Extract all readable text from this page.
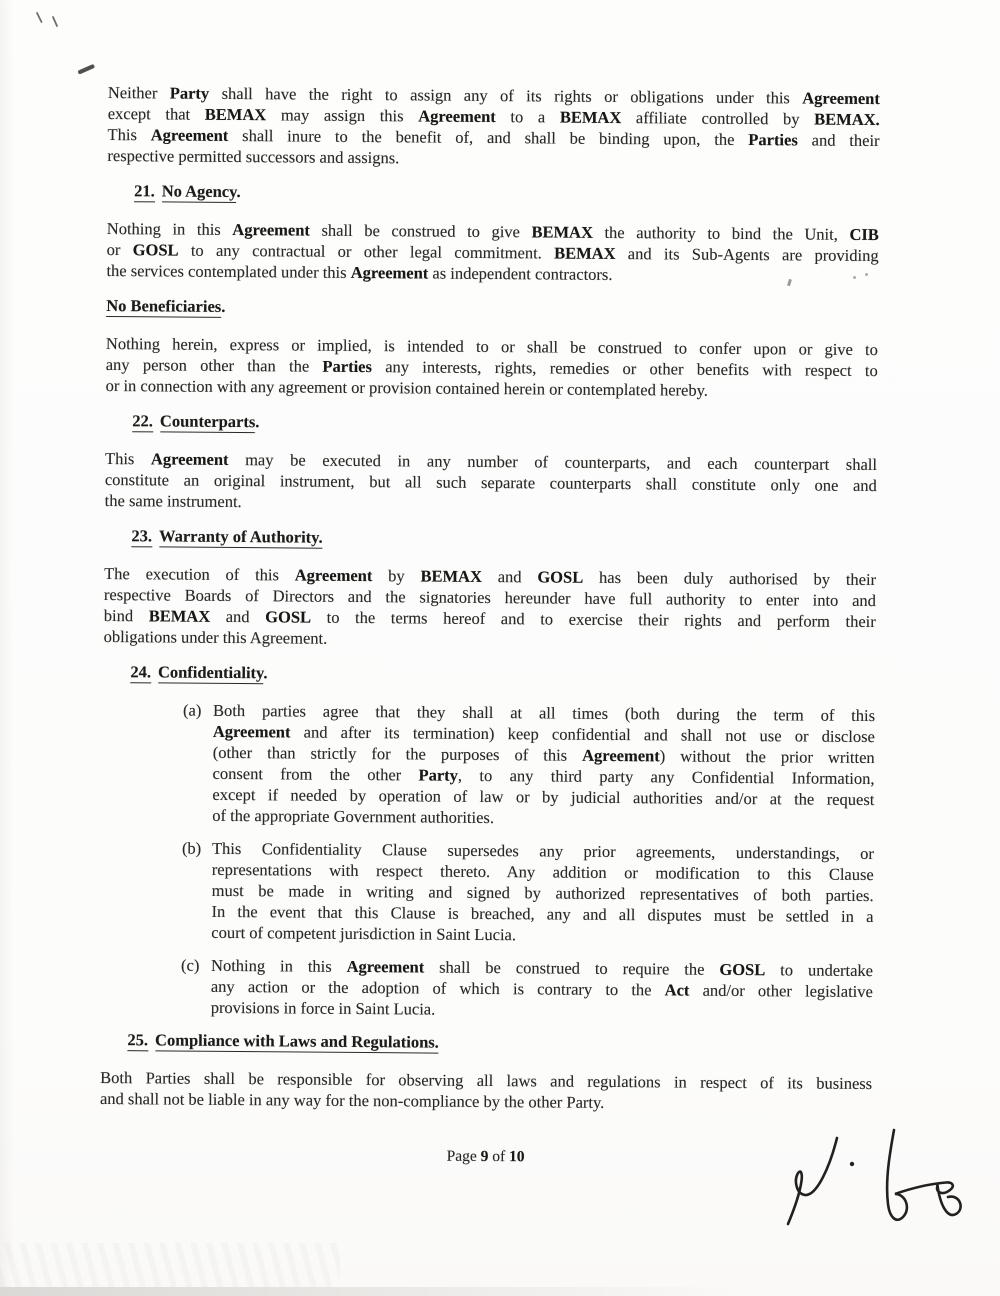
Neither Party shall have the right to assign any of its rights or obligations under this Agreement
except that BEMAX may assign this Agreement to a BEMAX affiliate controlled by BEMAX.
This Agreement shall inure to the benefit of, and shall be binding upon, the Parties and their
respective permitted successors and assigns.
21. No Agency.
Nothing in this Agreement shall be construed to give BEMAX the authority to bind the Unit, CIB
or GOSL to any contractual or other legal commitment. BEMAX and its Sub-Agents are providing
the services contemplated under this Agreement as independent contractors.
No Beneficiaries.
Nothing herein, express or implied, is intended to or shall be construed to confer upon or give to
any person other than the Parties any interests, rights, remedies or other benefits with respect to
or in connection with any agreement or provision contained herein or contemplated hereby.
22. Counterparts.
This Agreement may be executed in any number of counterparts, and each counterpart shall
constitute an original instrument, but all such separate counterparts shall constitute only one and
the same instrument.
23. Warranty of Authority.
The execution of this Agreement by BEMAX and GOSL has been duly authorised by their
respective Boards of Directors and the signatories hereunder have full authority to enter into and
bind BEMAX and GOSL to the terms hereof and to exercise their rights and perform their
obligations under this Agreement.
24. Confidentiality.
(a) Both parties agree that they shall at all times (both during the term of this
Agreement and after its termination) keep confidential and shall not use or disclose
(other than strictly for the purposes of this Agreement) without the prior written
consent from the other Party, to any third party any Confidential Information,
except if needed by operation of law or by judicial authorities and/or at the request
of the appropriate Government authorities.
(b) This Confidentiality Clause supersedes any prior agreements, understandings, or
representations with respect thereto. Any addition or modification to this Clause
must be made in writing and signed by authorized representatives of both parties.
In the event that this Clause is breached, any and all disputes must be settled in a
court of competent jurisdiction in Saint Lucia.
(c) Nothing in this Agreement shall be construed to require the GOSL to undertake
any action or the adoption of which is contrary to the Act and/or other legislative
provisions in force in Saint Lucia.
25. Compliance with Laws and Regulations.
Both Parties shall be responsible for observing all laws and regulations in respect of its business
and shall not be liable in any way for the non-compliance by the other Party.
Page 9 of 10
